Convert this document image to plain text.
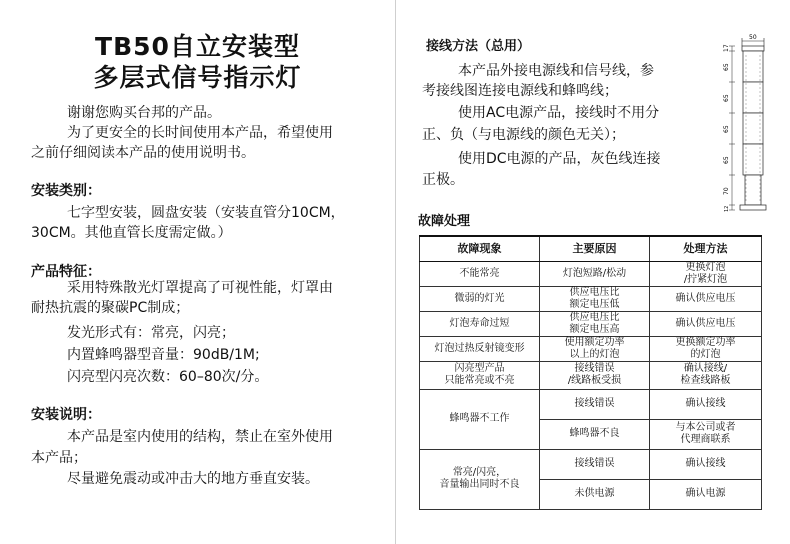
TB50自立安装型
多层式信号指示灯
谢谢您购买台邦的产品。
为了更安全的长时间使用本产品，希望使用
之前仔细阅读本产品的使用说明书。
安装类别：
七字型安装，圆盘安装（安装直管分10CM，
30CM。其他直管长度需定做。）
产品特征：
采用特殊散光灯罩提高了可视性能，灯罩由
耐热抗震的聚碳PC制成；
发光形式有：常亮，闪亮；
内置蜂鸣器型音量：90dB/1M;
闪亮型闪亮次数：60–80次/分。
安装说明：
本产品是室内使用的结构，禁止在室外使用
本产品；
尽量避免震动或冲击大的地方垂直安装。
接线方法（总用）
本产品外接电源线和信号线，参
考接线图连接电源线和蜂鸣线；
使用AC电源产品，接线时不用分
正、负（与电源线的颜色无关）；
使用DC电源的产品，灰色线连接
正极。
50
17
65
65
65
65
70
12
故障处理
故障现象	主要原因	处理方法
不能常亮	灯泡短路/松动	更换灯泡
/拧紧灯泡
微弱的灯光	供应电压比
额定电压低	确认供应电压
灯泡寿命过短	供应电压比
额定电压高	确认供应电压
灯泡过热反射镜变形	使用额定功率
以上的灯泡	更换额定功率
的灯泡
闪亮型产品
只能常亮或不亮	接线错误
/线路板受损	确认接线/
检查线路板
蜂鸣器不工作	接线错误	确认接线
	蜂鸣器不良	与本公司或者
代理商联系
常亮/闪亮，
音量输出同时不良	接线错误	确认接线
	未供电源	确认电源
